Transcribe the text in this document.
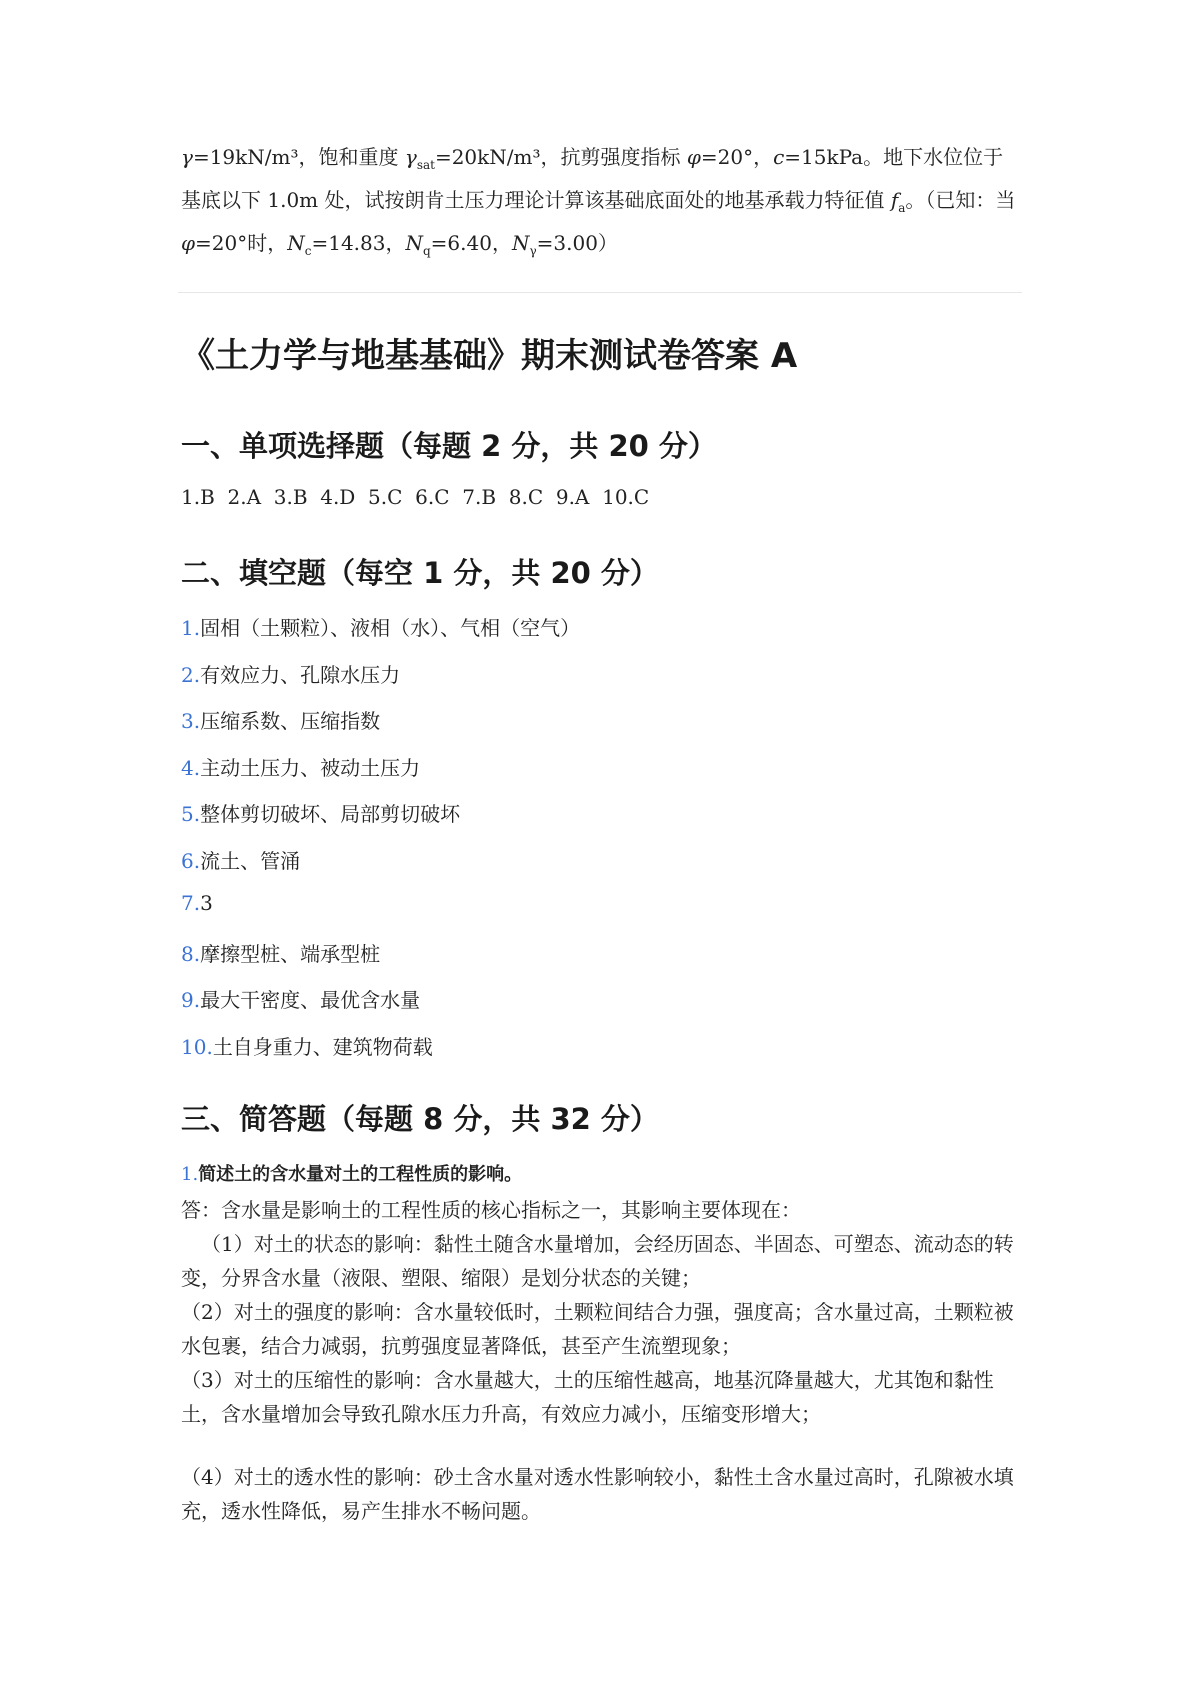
γ=19kN/m³，饱和重度 $\gamma_{sat}=20kN/m^3$，抗剪强度指标 φ=20°，c=15kPa。地下水位位于基底以下 1.0m 处，试按朗肯土压力理论计算该基础底面处的地基承载力特征值 $f_a$。（已知：当 φ=20°时，$N_c=14.83$，$N_q=6.40$，$N_\gamma=3.00$）
《土力学与地基基础》期末测试卷答案 A
一、单项选择题（每题 2 分，共 20 分）
1.B  2.A  3.B  4.D  5.C  6.C  7.B  8.C  9.A  10.C
二、填空题（每空 1 分，共 20 分）
1.固相（土颗粒）、液相（水）、气相（空气）
2.有效应力、孔隙水压力
3.压缩系数、压缩指数
4.主动土压力、被动土压力
5.整体剪切破坏、局部剪切破坏
6.流土、管涌
7.3
8.摩擦型桩、端承型桩
9.最大干密度、最优含水量
10.土自身重力、建筑物荷载
三、简答题（每题 8 分，共 32 分）
1.简述土的含水量对土的工程性质的影响。
答：含水量是影响土的工程性质的核心指标之一，其影响主要体现在：
（1）对土的状态的影响：黏性土随含水量增加，会经历固态、半固态、可塑态、流动态的转变，分界含水量（液限、塑限、缩限）是划分状态的关键；
（2）对土的强度的影响：含水量较低时，土颗粒间结合力强，强度高；含水量过高，土颗粒被水包裹，结合力减弱，抗剪强度显著降低，甚至产生流塑现象；
（3）对土的压缩性的影响：含水量越大，土的压缩性越高，地基沉降量越大，尤其饱和黏性土，含水量增加会导致孔隙水压力升高，有效应力减小，压缩变形增大；
（4）对土的透水性的影响：砂土含水量对透水性影响较小，黏性土含水量过高时，孔隙被水填充，透水性降低，易产生排水不畅问题。
